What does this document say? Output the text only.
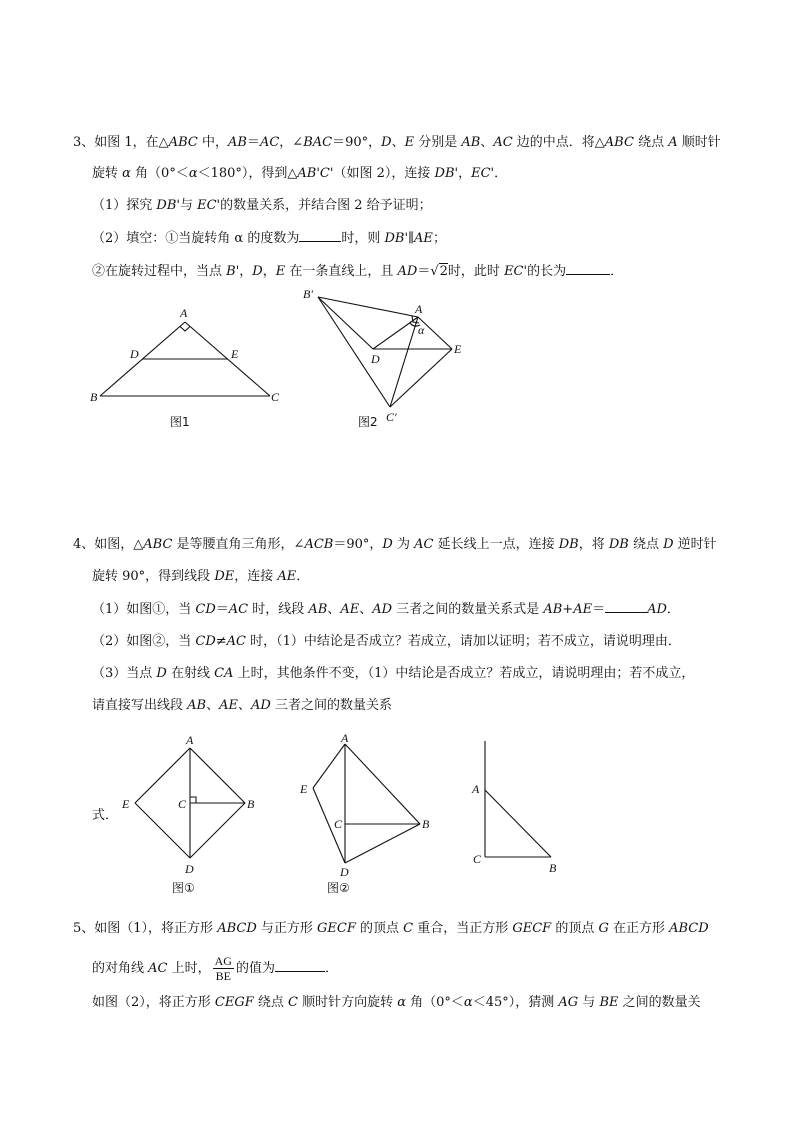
3、如图 1，在△ABC 中，AB＝AC，∠BAC＝90°，D、E 分别是 AB、AC 边的中点．将△ABC 绕点 A 顺时针
旋转 α 角（0°＜α＜180°），得到△AB'C'（如图 2），连接 DB'，EC'．
（1）探究 DB'与 EC'的数量关系，并结合图 2 给予证明；
（2）填空：①当旋转角 α 的度数为	时，则 DB'∥AE；
②在旋转过程中，当点 B'，D，E 在一条直线上，且 AD＝√2时，此时 EC'的长为	．
A
B	C
D	E
图1
A
B′
C′
D
E
α
图2
4、如图，△ABC 是等腰直角三角形，∠ACB＝90°，D 为 AC 延长线上一点，连接 DB，将 DB 绕点 D 逆时针
旋转 90°，得到线段 DE，连接 AE．
（1）如图①，当 CD＝AC 时，线段 AB、AE、AD 三者之间的数量关系式是 AB+AE＝	AD．
（2）如图②，当 CD≠AC 时，（1）中结论是否成立？若成立，请加以证明；若不成立，请说明理由．
（3）当点 D 在射线 CA 上时，其他条件不变，（1）中结论是否成立？若成立，请说明理由；若不成立，
请直接写出线段 AB、AE、AD 三者之间的数量关系
式．
A
B
C
D
E
图①
A
B
C
D
E
图②
A
B
C
5、如图（1），将正方形 ABCD 与正方形 GECF 的顶点 C 重合，当正方形 GECF 的顶点 G 在正方形 ABCD
的对角线 AC 上时， $\frac{AG}{BE}$ 的值为	．
如图（2），将正方形 CEGF 绕点 C 顺时针方向旋转 α 角（0°＜α＜45°），猜测 AG 与 BE 之间的数量关
